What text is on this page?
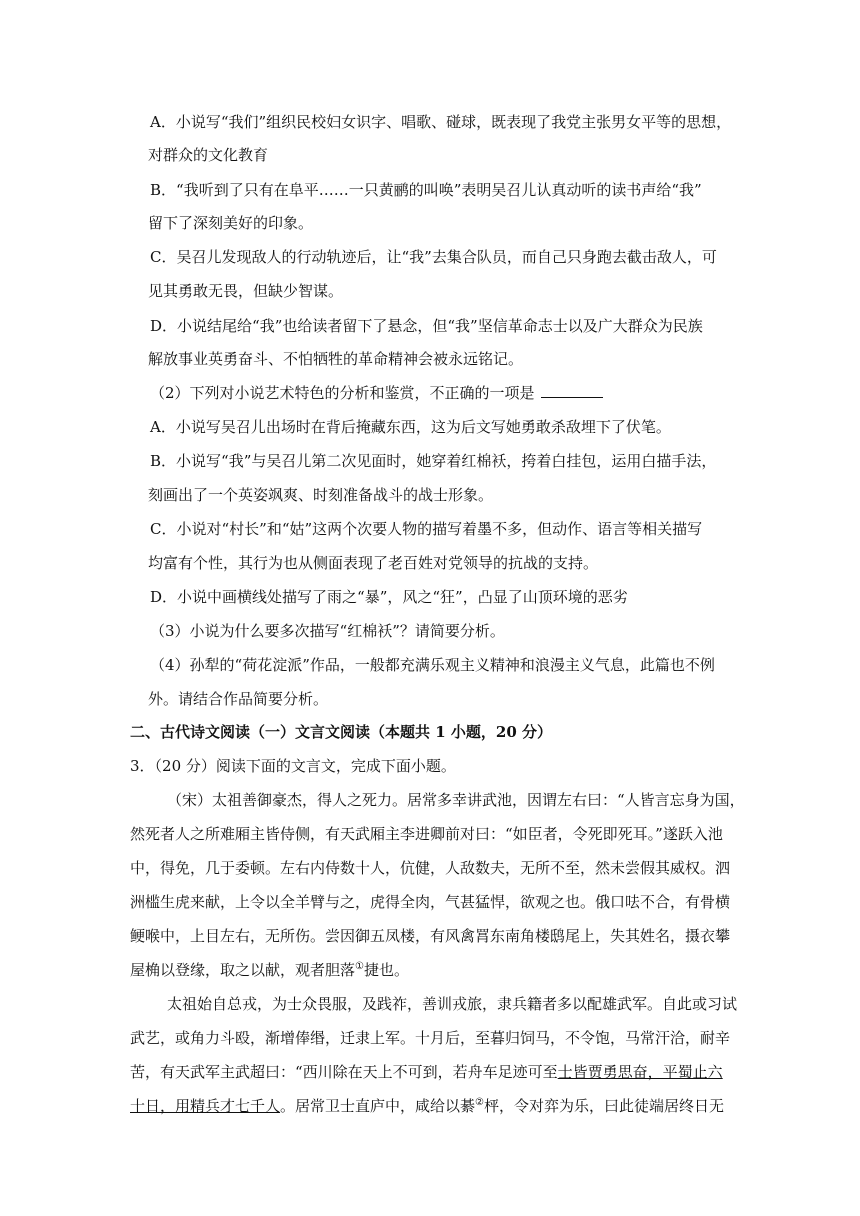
A．小说写“我们”组织民校妇女识字、唱歌、碰球，既表现了我党主张男女平等的思想，
对群众的文化教育
B．“我听到了只有在阜平……一只黄鹂的叫唤”表明吴召儿认真动听的读书声给“我”
留下了深刻美好的印象。
C．吴召儿发现敌人的行动轨迹后，让“我”去集合队员，而自己只身跑去截击敌人，可
见其勇敢无畏，但缺少智谋。
D．小说结尾给“我”也给读者留下了悬念，但“我”坚信革命志士以及广大群众为民族
解放事业英勇奋斗、不怕牺牲的革命精神会被永远铭记。
（2）下列对小说艺术特色的分析和鉴赏，不正确的一项是
A．小说写吴召儿出场时在背后掩藏东西，这为后文写她勇敢杀敌埋下了伏笔。
B．小说写“我”与吴召儿第二次见面时，她穿着红棉袄，挎着白挂包，运用白描手法，
刻画出了一个英姿飒爽、时刻准备战斗的战士形象。
C．小说对“村长”和“姑”这两个次要人物的描写着墨不多，但动作、语言等相关描写
均富有个性，其行为也从侧面表现了老百姓对党领导的抗战的支持。
D．小说中画横线处描写了雨之“暴”，风之“狂”，凸显了山顶环境的恶劣
（3）小说为什么要多次描写“红棉袄”？请简要分析。
（4）孙犁的“荷花淀派”作品，一般都充满乐观主义精神和浪漫主义气息，此篇也不例
外。请结合作品简要分析。
二、古代诗文阅读（一）文言文阅读（本题共 1 小题，20 分）
3．（20 分）阅读下面的文言文，完成下面小题。
（宋）太祖善御豪杰，得人之死力。居常多幸讲武池，因谓左右曰：“人皆言忘身为国，
然死者人之所难厢主皆侍侧，有天武厢主李进卿前对曰：“如臣者，令死即死耳。”遂跃入池
中，得免，几于委顿。左右内侍数十人，伉健，人敌数夫，无所不至，然未尝假其威权。泗
洲槛生虎来献，上令以全羊臂与之，虎得全肉，气甚猛悍，欲观之也。俄口呿不合，有骨横
鲠喉中，上目左右，无所伤。尝因御五凤楼，有风禽罥东南角楼鸱尾上，失其姓名，摄衣攀
屋桷以登缘，取之以献，观者胆落①捷也。
太祖始自总戎，为士众畏服，及践祚，善训戎旅，隶兵籍者多以配雄武军。自此或习试
武艺，或角力斗殴，渐增俸缗，迁隶上军。十月后，至暮归饲马，不令饱，马常汗洽，耐辛
苦，有天武军主武超曰：“西川除在天上不可到，若舟车足迹可至士皆贾勇思奋，平蜀止六
十日，用精兵才七千人。居常卫士直庐中，咸给以綦②枰，令对弈为乐，曰此徒端居终日无
